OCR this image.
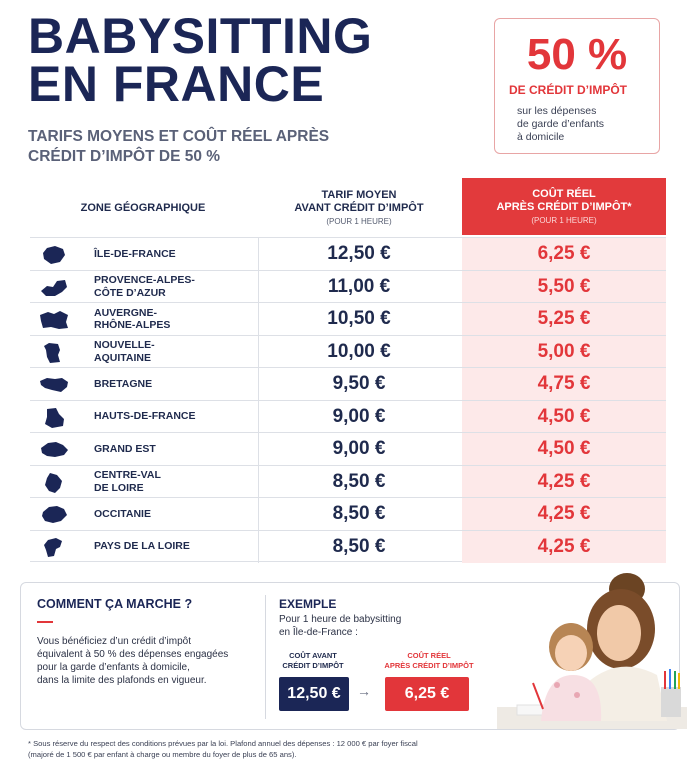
BABYSITTING
EN FRANCE
TARIFS MOYENS ET COÛT RÉEL APRÈS
CRÉDIT D’IMPÔT DE 50 %
50 %
DE CRÉDIT D’IMPÔT
sur les dépenses
de garde d’enfants
à domicile
ZONE GÉOGRAPHIQUE
TARIF MOYEN
AVANT CRÉDIT D’IMPÔT
(POUR 1 HEURE)
COÛT RÉEL
APRÈS CRÉDIT D’IMPÔT*
(POUR 1 HEURE)
ÎLE-DE-FRANCE	12,50 €	6,25 €
PROVENCE-ALPES-
CÔTE D’AZUR	11,00 €	5,50 €
AUVERGNE-
RHÔNE-ALPES	10,50 €	5,25 €
NOUVELLE-
AQUITAINE	10,00 €	5,00 €
BRETAGNE	9,50 €	4,75 €
HAUTS-DE-FRANCE	9,00 €	4,50 €
GRAND EST	9,00 €	4,50 €
CENTRE-VAL
DE LOIRE	8,50 €	4,25 €
OCCITANIE	8,50 €	4,25 €
PAYS DE LA LOIRE	8,50 €	4,25 €
COMMENT ÇA MARCHE ?
Vous bénéficiez d’un crédit d’impôt
équivalent à 50 % des dépenses engagées
pour la garde d’enfants à domicile,
dans la limite des plafonds en vigueur.
EXEMPLE
Pour 1 heure de babysitting
en Île-de-France :
COÛT AVANT
CRÉDIT D’IMPÔT
COÛT RÉEL
APRÈS CRÉDIT D’IMPÔT
12,50 €	→	6,25 €
* Sous réserve du respect des conditions prévues par la loi. Plafond annuel des dépenses : 12 000 € par foyer fiscal
(majoré de 1 500 € par enfant à charge ou membre du foyer de plus de 65 ans).
